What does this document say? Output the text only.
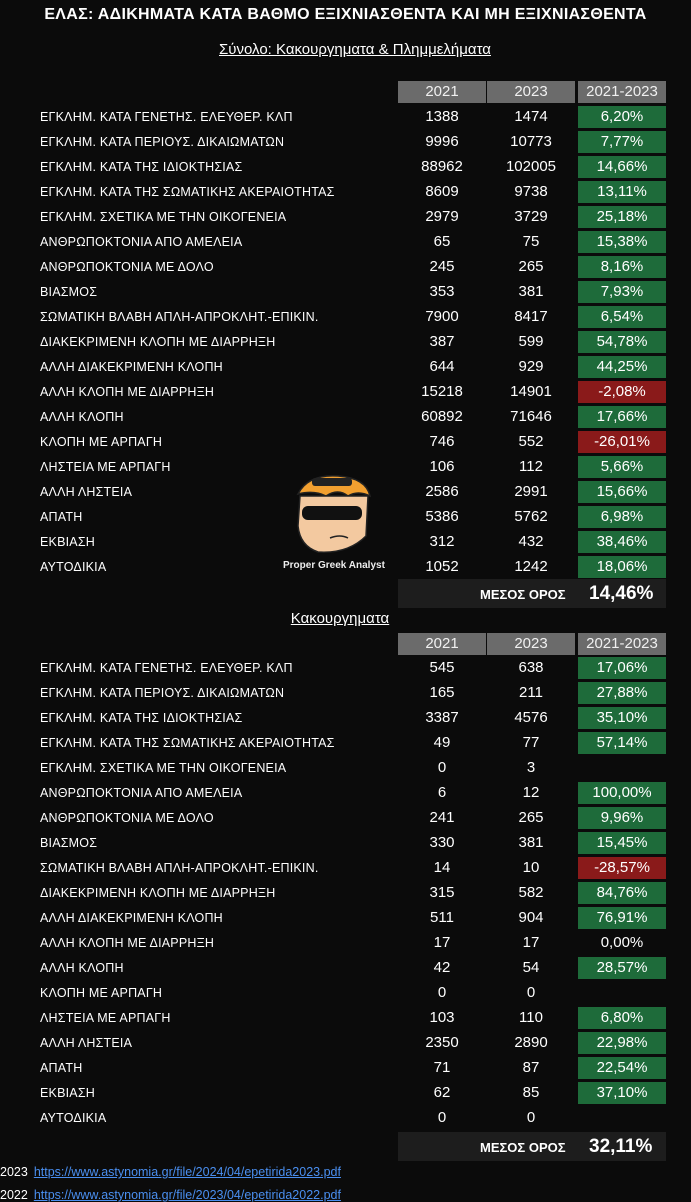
ΕΛΑΣ: ΑΔΙΚΗΜΑΤΑ ΚΑΤΑ ΒΑΘΜΟ ΕΞΙΧΝΙΑΣΘΕΝΤΑ ΚΑΙ ΜΗ ΕΞΙΧΝΙΑΣΘΕΝΤΑ
Σύνολο: Κακουργηματα & Πλημμελήματα
2021	2023	2021-2023
ΕΓΚΛΗΜ. ΚΑΤΑ ΓΕΝΕΤΗΣ. ΕΛΕΥΘΕΡ. ΚΛΠ	1388	1474	6,20%
ΕΓΚΛΗΜ. ΚΑΤΑ ΠΕΡΙΟΥΣ. ΔΙΚΑΙΩΜΑΤΩΝ	9996	10773	7,77%
ΕΓΚΛΗΜ. ΚΑΤΑ ΤΗΣ ΙΔΙΟΚΤΗΣΙΑΣ	88962	102005	14,66%
ΕΓΚΛΗΜ. ΚΑΤΑ ΤΗΣ ΣΩΜΑΤΙΚΗΣ ΑΚΕΡΑΙΟΤΗΤΑΣ	8609	9738	13,11%
ΕΓΚΛΗΜ. ΣΧΕΤΙΚΑ ΜΕ ΤΗΝ ΟΙΚΟΓΕΝΕΙΑ	2979	3729	25,18%
ΑΝΘΡΩΠΟΚΤΟΝΙΑ ΑΠΟ ΑΜΕΛΕΙΑ	65	75	15,38%
ΑΝΘΡΩΠΟΚΤΟΝΙΑ ΜΕ ΔΟΛΟ	245	265	8,16%
ΒΙΑΣΜΟΣ	353	381	7,93%
ΣΩΜΑΤΙΚΗ ΒΛΑΒΗ ΑΠΛΗ-ΑΠΡΟΚΛΗΤ.-ΕΠΙΚΙΝ.	7900	8417	6,54%
ΔΙΑΚΕΚΡΙΜΕΝΗ ΚΛΟΠΗ ΜΕ ΔΙΑΡΡΗΞΗ	387	599	54,78%
ΑΛΛΗ ΔΙΑΚΕΚΡΙΜΕΝΗ ΚΛΟΠΗ	644	929	44,25%
ΑΛΛΗ ΚΛΟΠΗ ΜΕ ΔΙΑΡΡΗΞΗ	15218	14901	-2,08%
ΑΛΛΗ ΚΛΟΠΗ	60892	71646	17,66%
ΚΛΟΠΗ ΜΕ ΑΡΠΑΓΗ	746	552	-26,01%
ΛΗΣΤΕΙΑ ΜΕ ΑΡΠΑΓΗ	106	112	5,66%
ΑΛΛΗ ΛΗΣΤΕΙΑ	2586	2991	15,66%
ΑΠΑΤΗ	5386	5762	6,98%
ΕΚΒΙΑΣΗ	312	432	38,46%
ΑΥΤΟΔΙΚΙΑ	1052	1242	18,06%
ΜΕΣΟΣ ΟΡΟΣ 14,46%
Κακουργηματα
2021	2023	2021-2023
ΕΓΚΛΗΜ. ΚΑΤΑ ΓΕΝΕΤΗΣ. ΕΛΕΥΘΕΡ. ΚΛΠ	545	638	17,06%
ΕΓΚΛΗΜ. ΚΑΤΑ ΠΕΡΙΟΥΣ. ΔΙΚΑΙΩΜΑΤΩΝ	165	211	27,88%
ΕΓΚΛΗΜ. ΚΑΤΑ ΤΗΣ ΙΔΙΟΚΤΗΣΙΑΣ	3387	4576	35,10%
ΕΓΚΛΗΜ. ΚΑΤΑ ΤΗΣ ΣΩΜΑΤΙΚΗΣ ΑΚΕΡΑΙΟΤΗΤΑΣ	49	77	57,14%
ΕΓΚΛΗΜ. ΣΧΕΤΙΚΑ ΜΕ ΤΗΝ ΟΙΚΟΓΕΝΕΙΑ	0	3
ΑΝΘΡΩΠΟΚΤΟΝΙΑ ΑΠΟ ΑΜΕΛΕΙΑ	6	12	100,00%
ΑΝΘΡΩΠΟΚΤΟΝΙΑ ΜΕ ΔΟΛΟ	241	265	9,96%
ΒΙΑΣΜΟΣ	330	381	15,45%
ΣΩΜΑΤΙΚΗ ΒΛΑΒΗ ΑΠΛΗ-ΑΠΡΟΚΛΗΤ.-ΕΠΙΚΙΝ.	14	10	-28,57%
ΔΙΑΚΕΚΡΙΜΕΝΗ ΚΛΟΠΗ ΜΕ ΔΙΑΡΡΗΞΗ	315	582	84,76%
ΑΛΛΗ ΔΙΑΚΕΚΡΙΜΕΝΗ ΚΛΟΠΗ	511	904	76,91%
ΑΛΛΗ ΚΛΟΠΗ ΜΕ ΔΙΑΡΡΗΞΗ	17	17	0,00%
ΑΛΛΗ ΚΛΟΠΗ	42	54	28,57%
ΚΛΟΠΗ ΜΕ ΑΡΠΑΓΗ	0	0
ΛΗΣΤΕΙΑ ΜΕ ΑΡΠΑΓΗ	103	110	6,80%
ΑΛΛΗ ΛΗΣΤΕΙΑ	2350	2890	22,98%
ΑΠΑΤΗ	71	87	22,54%
ΕΚΒΙΑΣΗ	62	85	37,10%
ΑΥΤΟΔΙΚΙΑ	0	0
ΜΕΣΟΣ ΟΡΟΣ 32,11%
Proper Greek Analyst
2023 https://www.astynomia.gr/file/2024/04/epetirida2023.pdf
2022 https://www.astynomia.gr/file/2023/04/epetirida2022.pdf
